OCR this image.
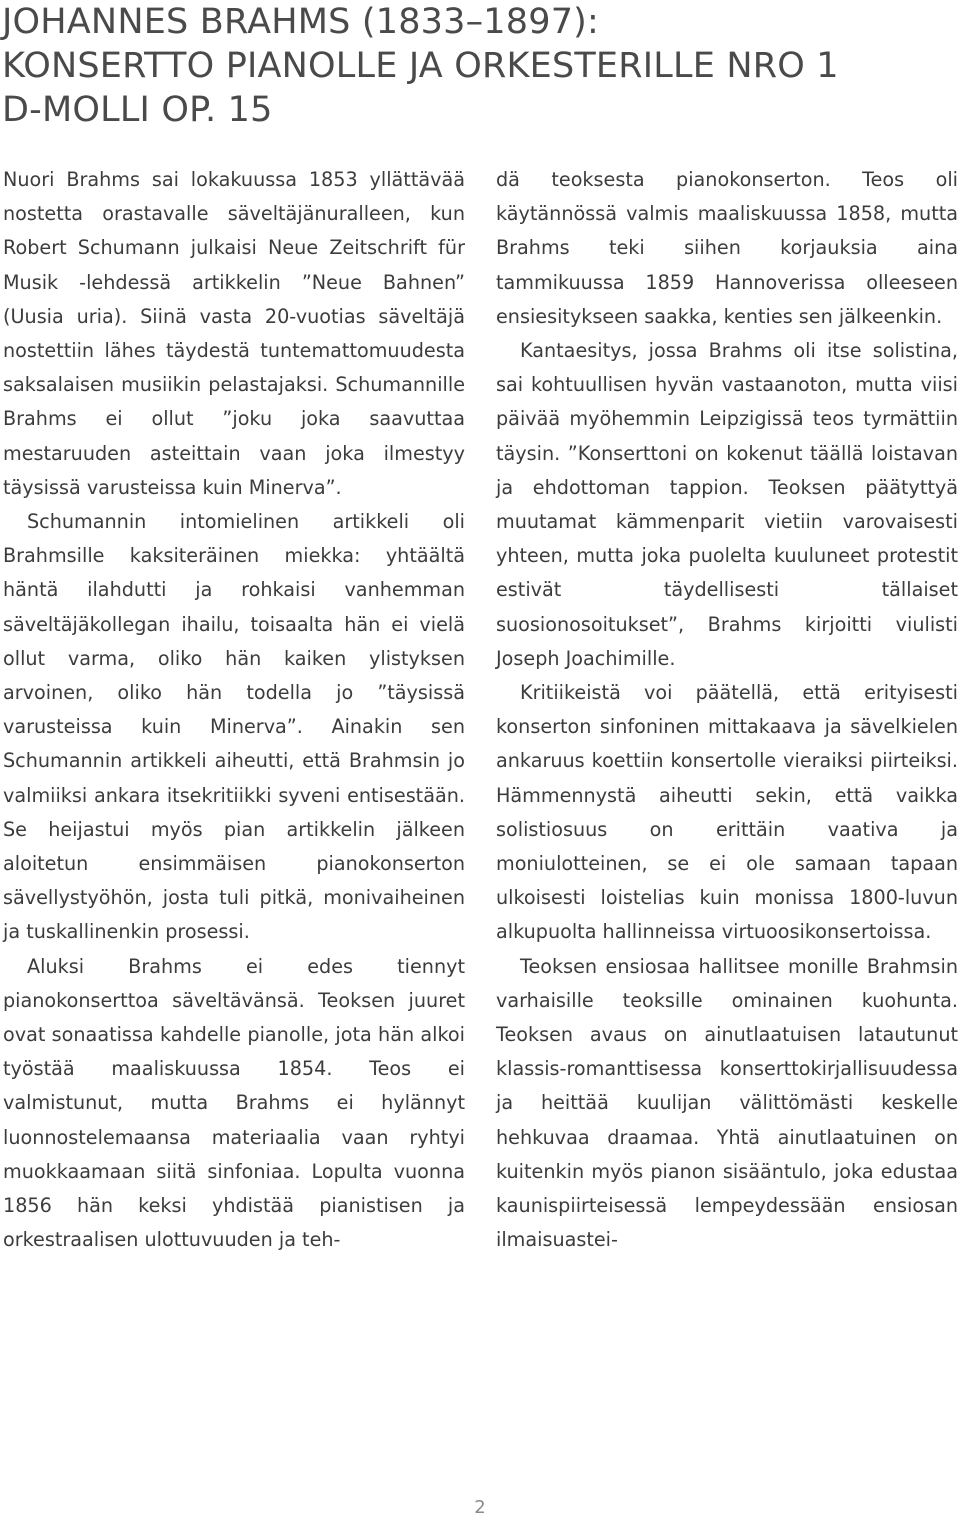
JOHANNES BRAHMS (1833–1897):
KONSERTTO PIANOLLE JA ORKESTERILLE NRO 1
D-MOLLI OP. 15

Nuori Brahms sai lokakuussa 1853 yllättävää nostetta orastavalle säveltäjänuralleen, kun Robert Schumann julkaisi Neue Zeitschrift für Musik -lehdessä artikkelin ”Neue Bahnen” (Uusia uria). Siinä vasta 20-vuotias säveltäjä nostettiin lähes täydestä tuntemattomuudesta saksalaisen musiikin pelastajaksi. Schumannille Brahms ei ollut ”joku joka saavuttaa mestaruuden asteittain vaan joka ilmestyy täysissä varusteissa kuin Minerva”.

Schumannin intomielinen artikkeli oli Brahmsille kaksiteräinen miekka: yhtäältä häntä ilahdutti ja rohkaisi vanhemman säveltäjäkollegan ihailu, toisaalta hän ei vielä ollut varma, oliko hän kaiken ylistyksen arvoinen, oliko hän todella jo ”täysissä varusteissa kuin Minerva”. Ainakin sen Schumannin artikkeli aiheutti, että Brahmsin jo valmiiksi ankara itsekritiikki syveni entisestään. Se heijastui myös pian artikkelin jälkeen aloitetun ensimmäisen pianokonserton sävellystyöhön, josta tuli pitkä, monivaiheinen ja tuskallinenkin prosessi.

Aluksi Brahms ei edes tiennyt pianokonserttoa säveltävänsä. Teoksen juuret ovat sonaatissa kahdelle pianolle, jota hän alkoi työstää maaliskuussa 1854. Teos ei valmistunut, mutta Brahms ei hylännyt luonnostelemaansa materiaalia vaan ryhtyi muokkaamaan siitä sinfoniaa. Lopulta vuonna 1856 hän keksi yhdistää pianistisen ja orkestraalisen ulottuvuuden ja teh-

dä teoksesta pianokonserton. Teos oli käytännössä valmis maaliskuussa 1858, mutta Brahms teki siihen korjauksia aina tammikuussa 1859 Hannoverissa olleeseen ensiesitykseen saakka, kenties sen jälkeenkin.

Kantaesitys, jossa Brahms oli itse solistina, sai kohtuullisen hyvän vastaanoton, mutta viisi päivää myöhemmin Leipzigissä teos tyrmättiin täysin. ”Konserttoni on kokenut täällä loistavan ja ehdottoman tappion. Teoksen päätyttyä muutamat kämmenparit vietiin varovaisesti yhteen, mutta joka puolelta kuuluneet protestit estivät täydellisesti tällaiset suosionosoitukset”, Brahms kirjoitti viulisti Joseph Joachimille.

Kritiikeistä voi päätellä, että erityisesti konserton sinfoninen mittakaava ja sävelkielen ankaruus koettiin konsertolle vieraiksi piirteiksi. Hämmennystä aiheutti sekin, että vaikka solistiosuus on erittäin vaativa ja moniulotteinen, se ei ole samaan tapaan ulkoisesti loistelias kuin monissa 1800-luvun alkupuolta hallinneissa virtuoosikonsertoissa.

Teoksen ensiosaa hallitsee monille Brahmsin varhaisille teoksille ominainen kuohunta. Teoksen avaus on ainutlaatuisen latautunut klassis-romanttisessa konserttokirjallisuudessa ja heittää kuulijan välittömästi keskelle hehkuvaa draamaa. Yhtä ainutlaatuinen on kuitenkin myös pianon sisääntulo, joka edustaa kaunispiirteisessä lempeydessään ensiosan ilmaisuastei-

2
